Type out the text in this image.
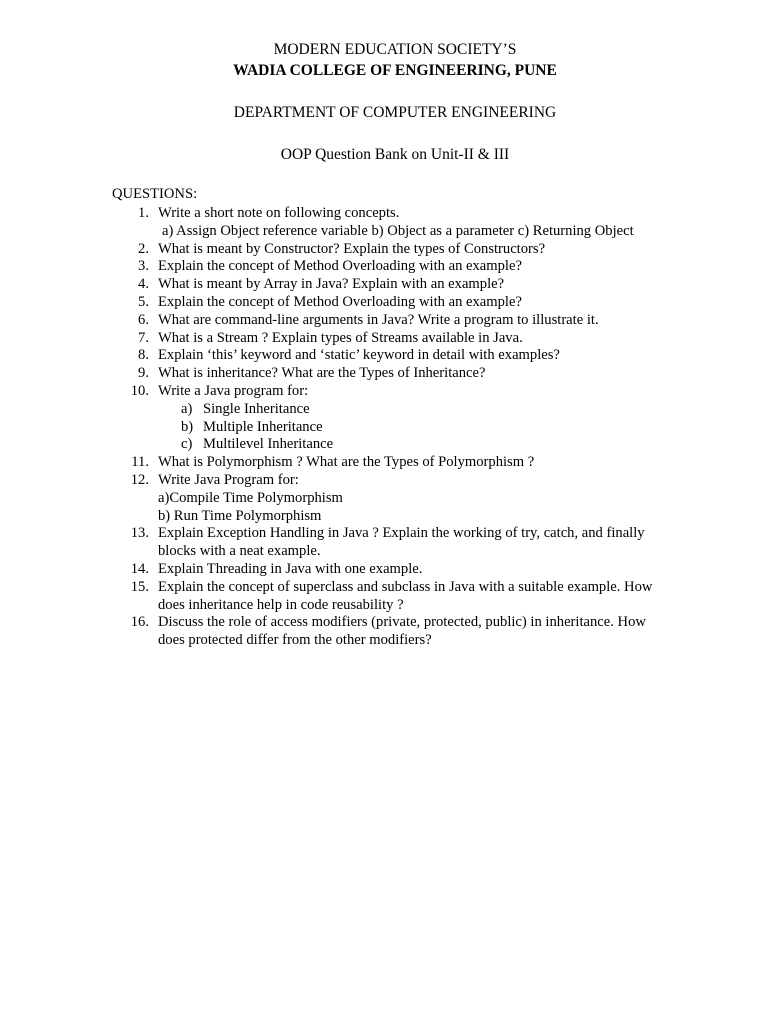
MODERN EDUCATION SOCIETY’S
WADIA COLLEGE OF ENGINEERING, PUNE
DEPARTMENT OF COMPUTER ENGINEERING
OOP Question Bank on Unit-II & III
QUESTIONS:
1. Write a short note on following concepts.
a) Assign Object reference variable b) Object as a parameter c) Returning Object
2. What is meant by Constructor? Explain the types of Constructors?
3. Explain the concept of Method Overloading with an example?
4. What is meant by Array in Java? Explain with an example?
5. Explain the concept of Method Overloading with an example?
6. What are command-line arguments in Java? Write a program to illustrate it.
7. What is a Stream ? Explain types of Streams available in Java.
8. Explain ‘this’ keyword and ‘static’ keyword in detail with examples?
9. What is inheritance? What are the Types of Inheritance?
10. Write a Java program for:
a) Single Inheritance
b) Multiple Inheritance
c) Multilevel Inheritance
11. What is Polymorphism ? What are the Types of Polymorphism ?
12. Write Java Program for:
a)Compile Time Polymorphism
b) Run Time Polymorphism
13. Explain Exception Handling in Java ? Explain the working of try, catch, and finally
blocks with a neat example.
14. Explain Threading in Java with one example.
15. Explain the concept of superclass and subclass in Java with a suitable example. How
does inheritance help in code reusability ?
16. Discuss the role of access modifiers (private, protected, public) in inheritance. How
does protected differ from the other modifiers?
